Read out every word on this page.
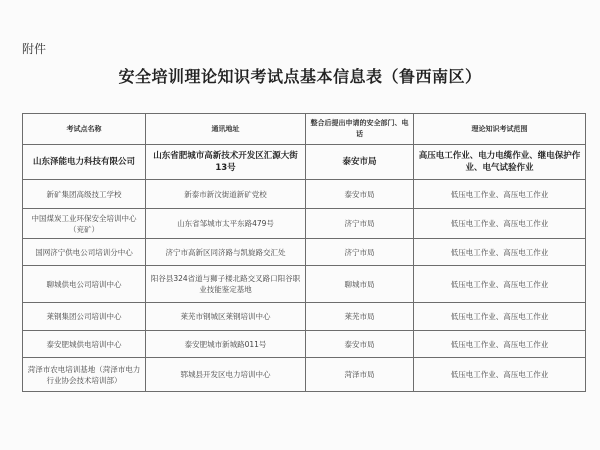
附件
安全培训理论知识考试点基本信息表（鲁西南区）
考试点名称	通讯地址	整合后提出申请的安全部门、电话	理论知识考试范围
山东泽能电力科技有限公司	山东省肥城市高新技术开发区汇源大街13号	泰安市局	高压电工作业、电力电缆作业、继电保护作业、电气试验作业
新矿集团高级技工学校	新泰市新汶街道新矿党校	泰安市局	低压电工作业、高压电工作业
中国煤炭工业环保安全培训中心（兖矿）	山东省邹城市太平东路479号	济宁市局	低压电工作业、高压电工作业
国网济宁供电公司培训分中心	济宁市高新区同济路与凯旋路交汇处	济宁市局	低压电工作业、高压电工作业
聊城供电公司培训中心	阳谷县324省道与狮子楼北路交叉路口阳谷职业技能鉴定基地	聊城市局	低压电工作业、高压电工作业
莱钢集团公司培训中心	莱芜市钢城区莱钢培训中心	莱芜市局	低压电工作业、高压电工作业
泰安肥城供电培训中心	泰安肥城市新城路011号	泰安市局	低压电工作业、高压电工作业
菏泽市农电培训基地（菏泽市电力行业协会技术培训部）	郓城县开发区电力培训中心	菏泽市局	低压电工作业、高压电工作业
